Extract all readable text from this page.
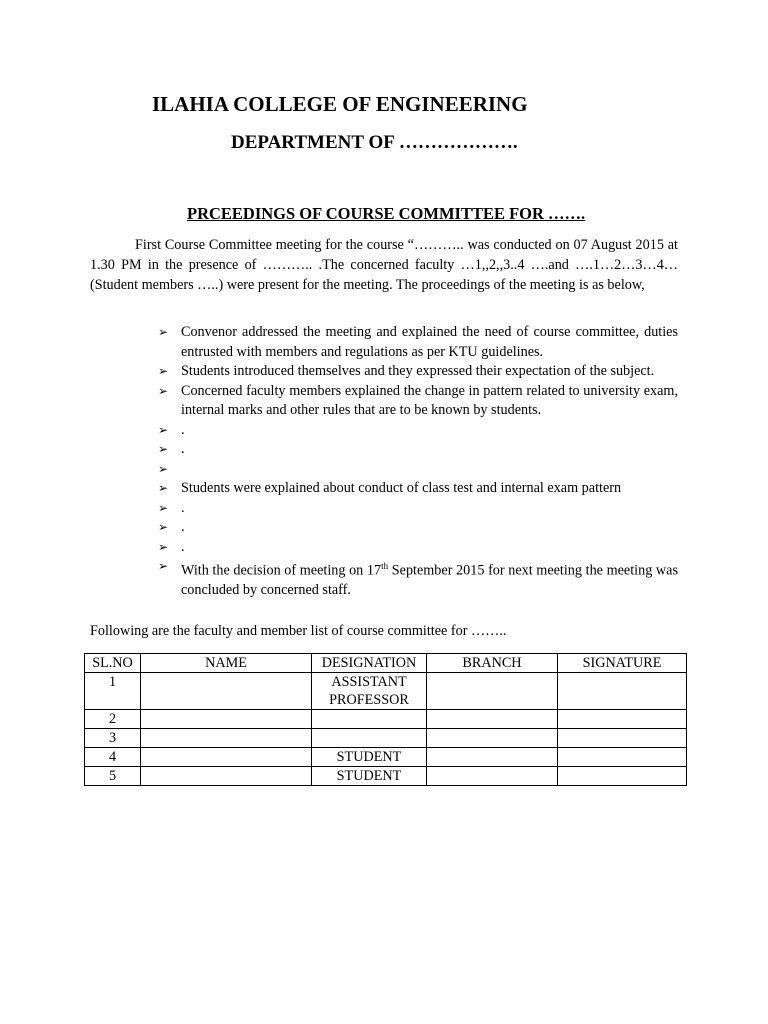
ILAHIA COLLEGE OF ENGINEERING
DEPARTMENT OF ……………….
PRCEEDINGS OF COURSE COMMITTEE FOR …….

First Course Committee meeting for the course “……….. was conducted on 07 August 2015 at 1.30 PM in the presence of ……….. .The concerned faculty …1,,2,,3..4 ….and ….1…2…3…4… (Student members …..) were present for the meeting. The proceedings of the meeting is as below,

➢ Convenor addressed the meeting and explained the need of course committee, duties entrusted with members and regulations as per KTU guidelines.
➢ Students introduced themselves and they expressed their expectation of the subject.
➢ Concerned faculty members explained the change in pattern related to university exam, internal marks and other rules that are to be known by students.
➢ .
➢ .
➢

➢ Students were explained about conduct of class test and internal exam pattern
➢ .
➢ .
➢ .
➢ With the decision of meeting on 17th September 2015 for next meeting the meeting was concluded by concerned staff.
Following are the faculty and member list of course committee for ……..
SL.NO	NAME	DESIGNATION	BRANCH	SIGNATURE
1		ASSISTANT PROFESSOR		
2				
3				
4		STUDENT		
5		STUDENT		
